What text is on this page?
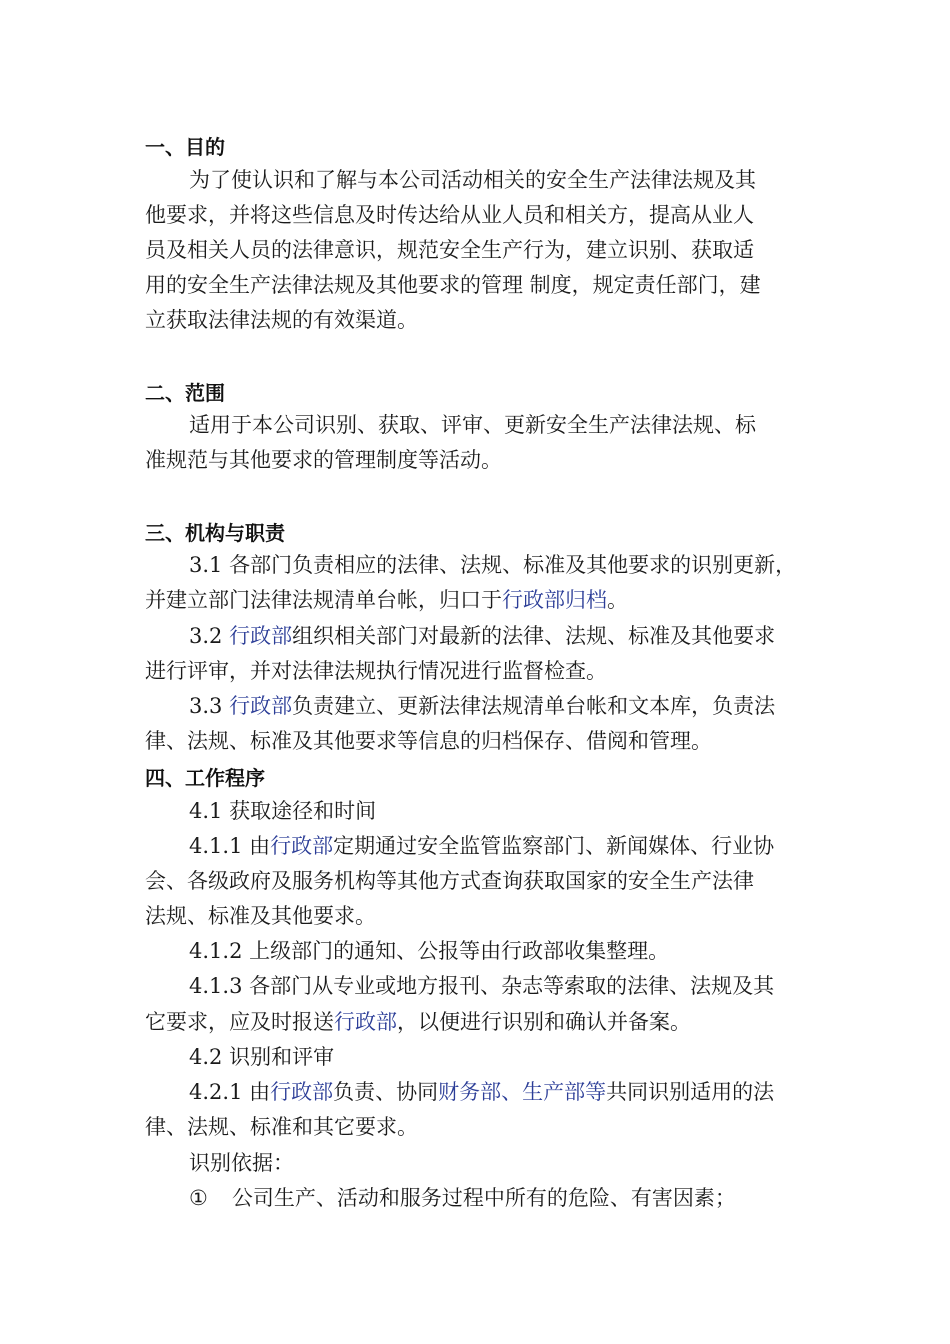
一、目的

为了使认识和了解与本公司活动相关的安全生产法律法规及其

他要求，并将这些信息及时传达给从业人员和相关方，提高从业人

员及相关人员的法律意识，规范安全生产行为，建立识别、获取适

用的安全生产法律法规及其他要求的管理 制度，规定责任部门，建

立获取法律法规的有效渠道。

二、范围

适用于本公司识别、获取、评审、更新安全生产法律法规、标

准规范与其他要求的管理制度等活动。

三、机构与职责

3.1 各部门负责相应的法律、法规、标准及其他要求的识别更新，

并建立部门法律法规清单台帐，归口于行政部归档。

3.2 行政部组织相关部门对最新的法律、法规、标准及其他要求

进行评审，并对法律法规执行情况进行监督检查。

3.3 行政部负责建立、更新法律法规清单台帐和文本库，负责法

律、法规、标准及其他要求等信息的归档保存、借阅和管理。

四、工作程序

4.1 获取途径和时间

4.1.1 由行政部定期通过安全监管监察部门、新闻媒体、行业协

会、各级政府及服务机构等其他方式查询获取国家的安全生产法律

法规、标准及其他要求。

4.1.2 上级部门的通知、公报等由行政部收集整理。

4.1.3 各部门从专业或地方报刊、杂志等索取的法律、法规及其

它要求，应及时报送行政部，以便进行识别和确认并备案。

4.2 识别和评审

4.2.1 由行政部负责、协同财务部、生产部等共同识别适用的法

律、法规、标准和其它要求。

识别依据：

① 公司生产、活动和服务过程中所有的危险、有害因素；
